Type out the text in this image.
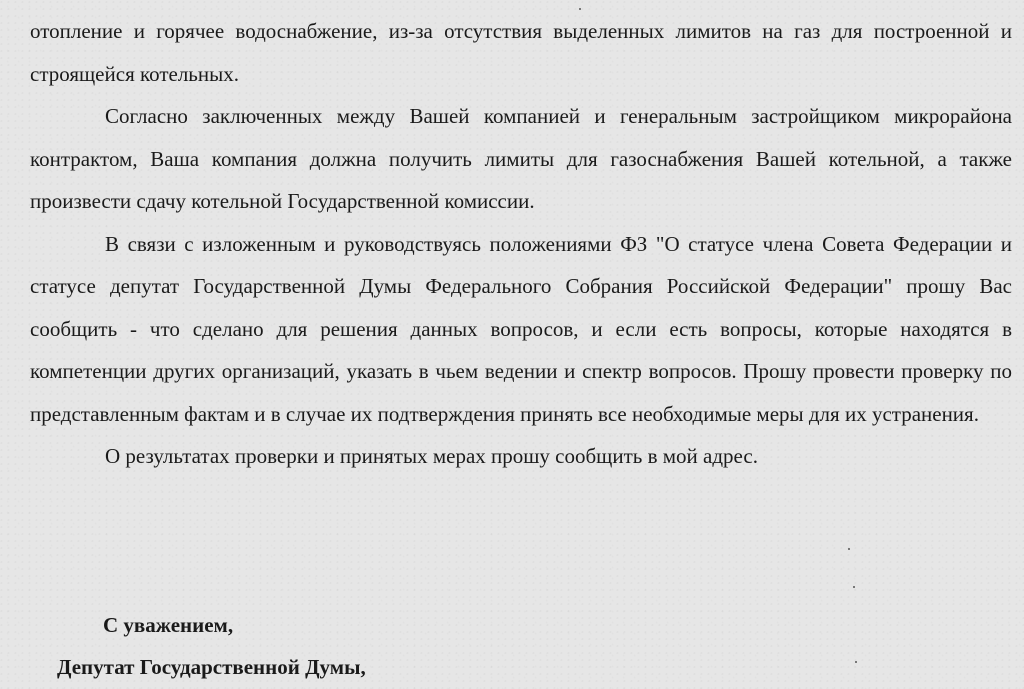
отопление и горячее водоснабжение, из-за отсутствия выделенных лимитов на газ для построенной и строящейся котельных.

Согласно заключенных между Вашей компанией и генеральным застройщиком микрорайона контрактом, Ваша компания должна получить лимиты для газоснабжения Вашей котельной, а также произвести сдачу котельной Государственной комиссии.

В связи с изложенным и руководствуясь положениями ФЗ "О статусе члена Совета Федерации и статусе депутат Государственной Думы Федерального Собрания Российской Федерации" прошу Вас сообщить - что сделано для решения данных вопросов, и если есть вопросы, которые находятся в компетенции других организаций, указать в чьем ведении и спектр вопросов. Прошу провести проверку по представленным фактам и в случае их подтверждения принять все необходимые меры для их устранения.

О результатах проверки и принятых мерах прошу сообщить в мой адрес.

С уважением,

Депутат Государственной Думы,
